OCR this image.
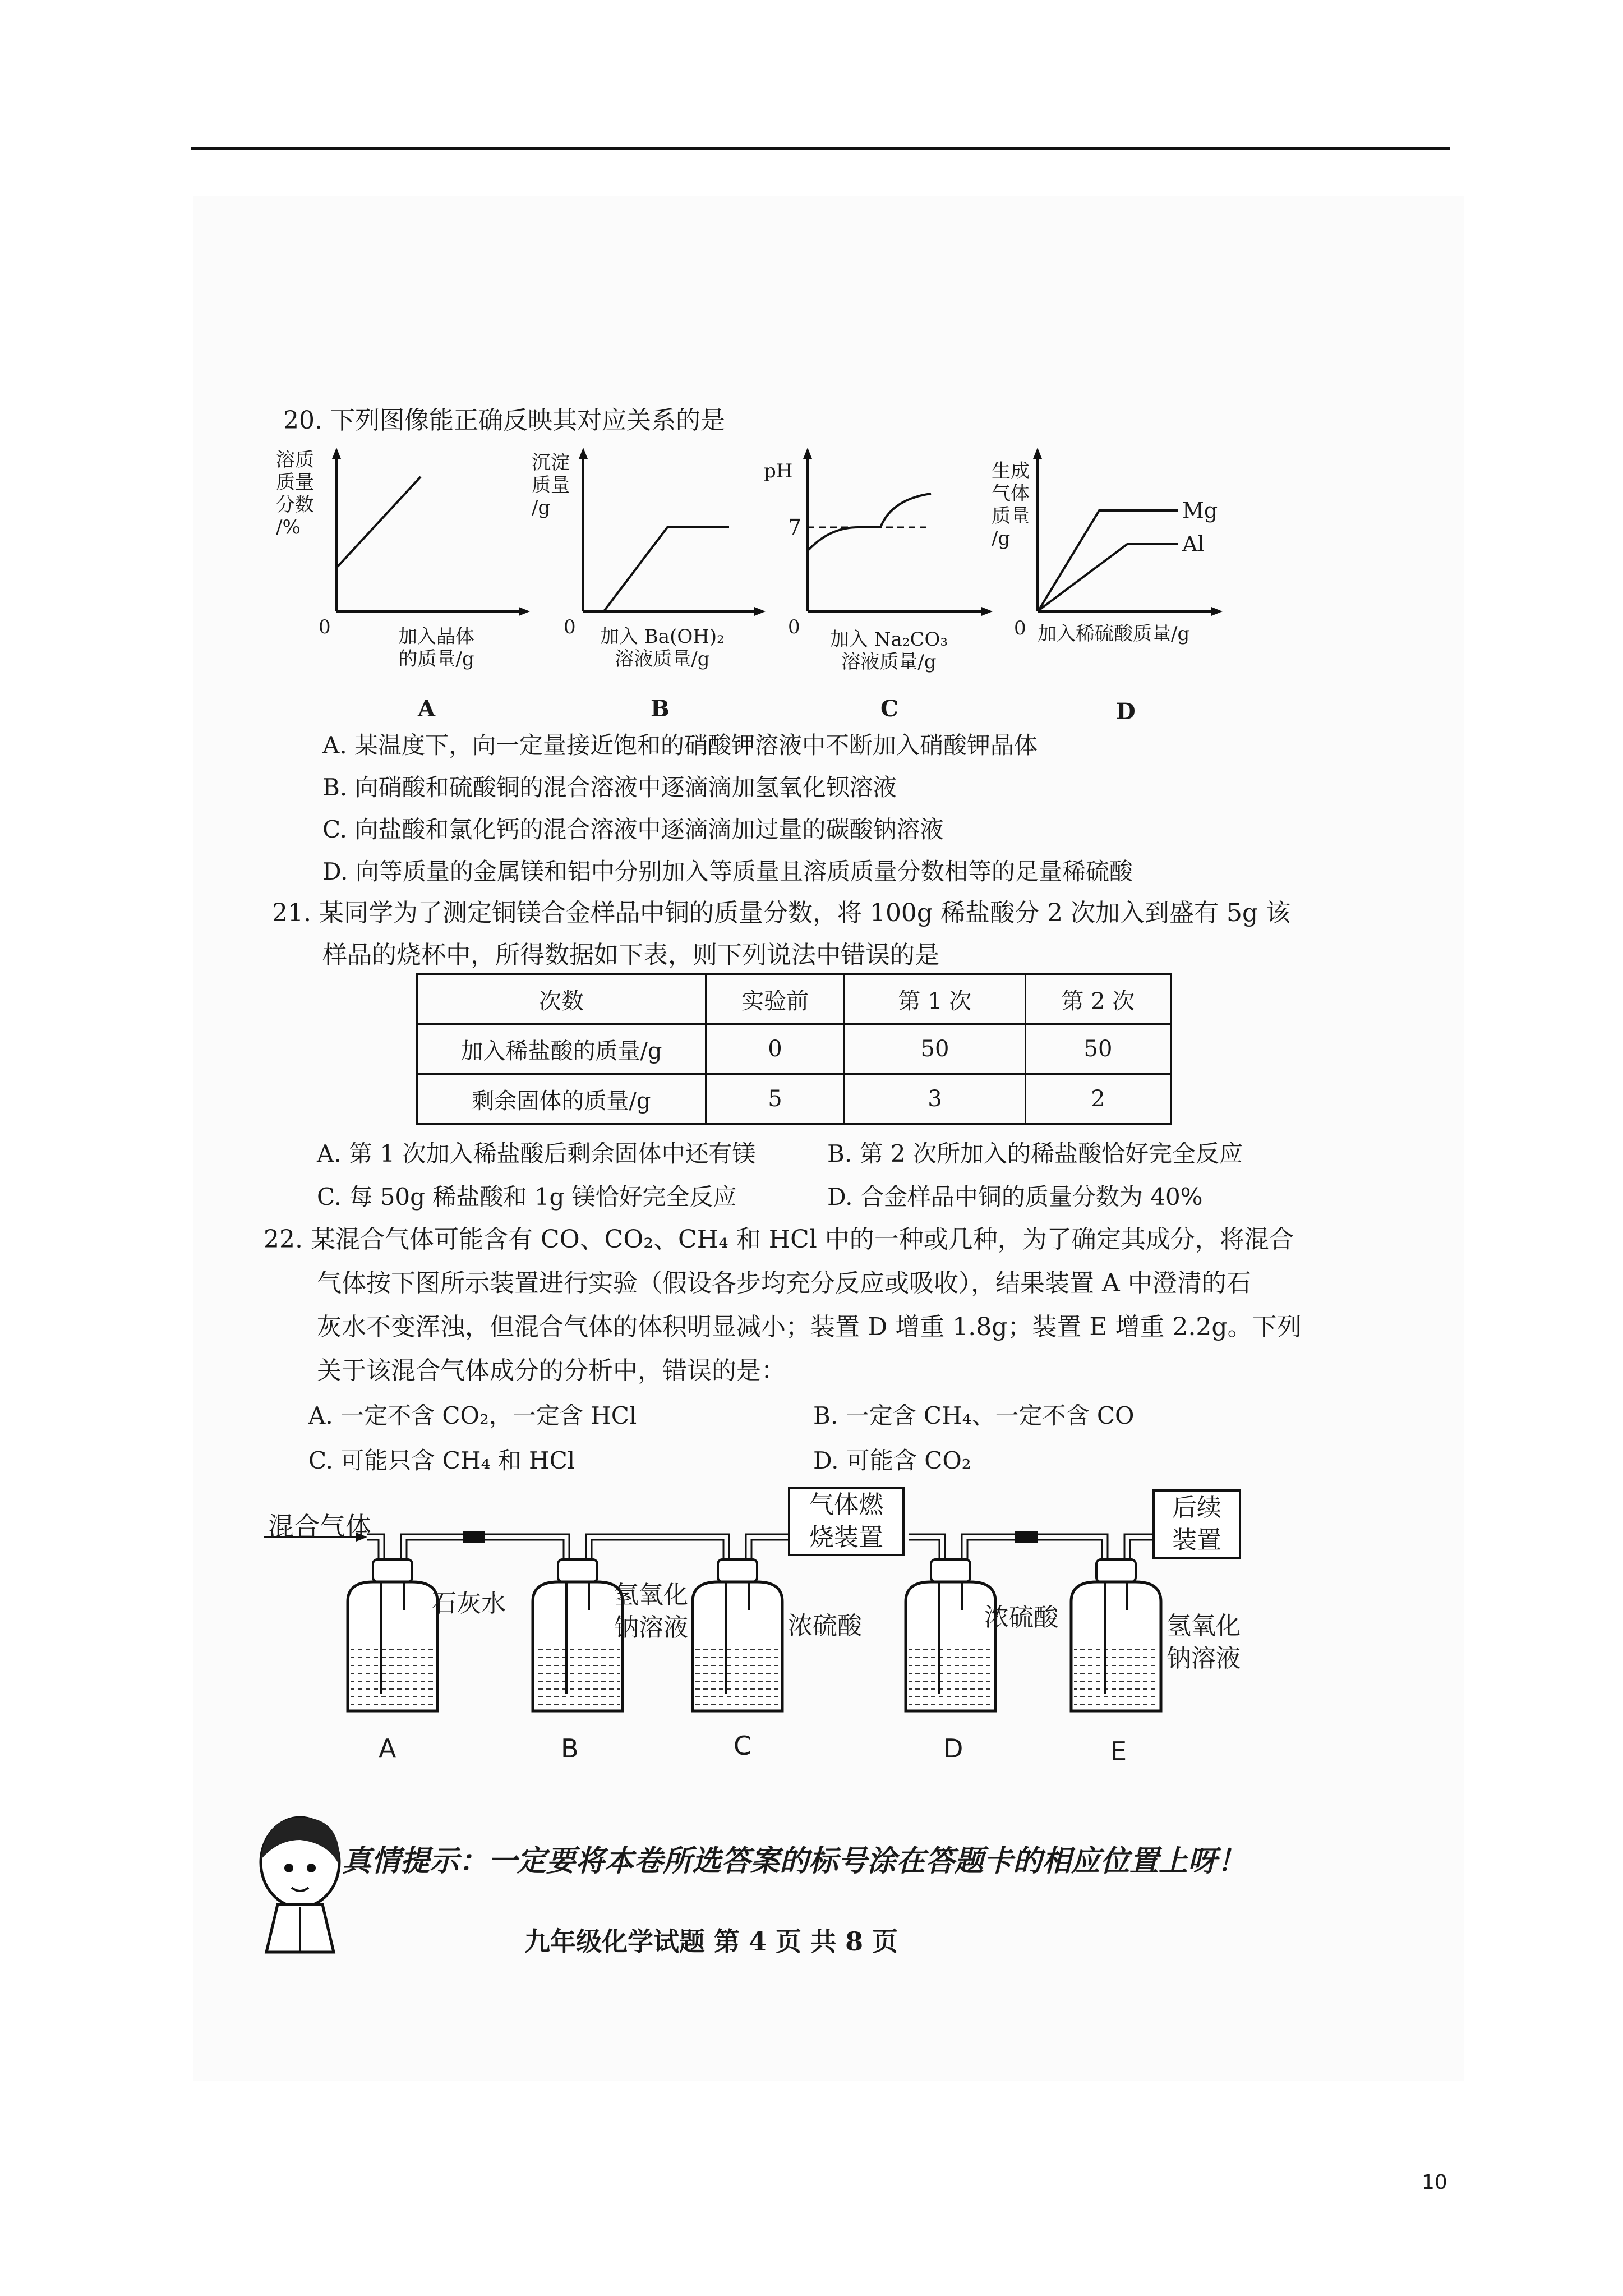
20. 下列图像能正确反映其对应关系的是
溶质
质量
分数
/%
0	加入晶体
的质量/g
A
沉淀
质量
/g
0 加入 Ba(OH)₂
溶液质量/g
B
pH
7
0
加入 Na₂CO₃
溶液质量/g
C
生成
气体
质量
/g
Mg
Al
0 加入稀硫酸质量/g
D
A. 某温度下，向一定量接近饱和的硝酸钾溶液中不断加入硝酸钾晶体
B. 向硝酸和硫酸铜的混合溶液中逐滴滴加氢氧化钡溶液
C. 向盐酸和氯化钙的混合溶液中逐滴滴加过量的碳酸钠溶液
D. 向等质量的金属镁和铝中分别加入等质量且溶质质量分数相等的足量稀硫酸
21. 某同学为了测定铜镁合金样品中铜的质量分数，将 100g 稀盐酸分 2 次加入到盛有 5g 该
样品的烧杯中，所得数据如下表，则下列说法中错误的是
次数	实验前	第 1 次	第 2 次
加入稀盐酸的质量/g	0	50	50
剩余固体的质量/g	5	3	2
A. 第 1 次加入稀盐酸后剩余固体中还有镁	B. 第 2 次所加入的稀盐酸恰好完全反应
C. 每 50g 稀盐酸和 1g 镁恰好完全反应	D. 合金样品中铜的质量分数为 40%
22. 某混合气体可能含有 CO、CO₂、CH₄ 和 HCl 中的一种或几种，为了确定其成分，将混合
气体按下图所示装置进行实验（假设各步均充分反应或吸收），结果装置 A 中澄清的石
灰水不变浑浊，但混合气体的体积明显减小；装置 D 增重 1.8g；装置 E 增重 2.2g。下列
关于该混合气体成分的分析中，错误的是：
A. 一定不含 CO₂，一定含 HCl	B. 一定含 CH₄、一定不含 CO
C. 可能只含 CH₄ 和 HCl	D. 可能含 CO₂
混合气体
气体燃
烧装置
后续
装置
石灰水	氢氧化
钠溶液	浓硫酸	浓硫酸	氢氧化
钠溶液
A	B	C	D	E
真情提示：一定要将本卷所选答案的标号涂在答题卡的相应位置上呀！
九年级化学试题 第 4 页 共 8 页
10
